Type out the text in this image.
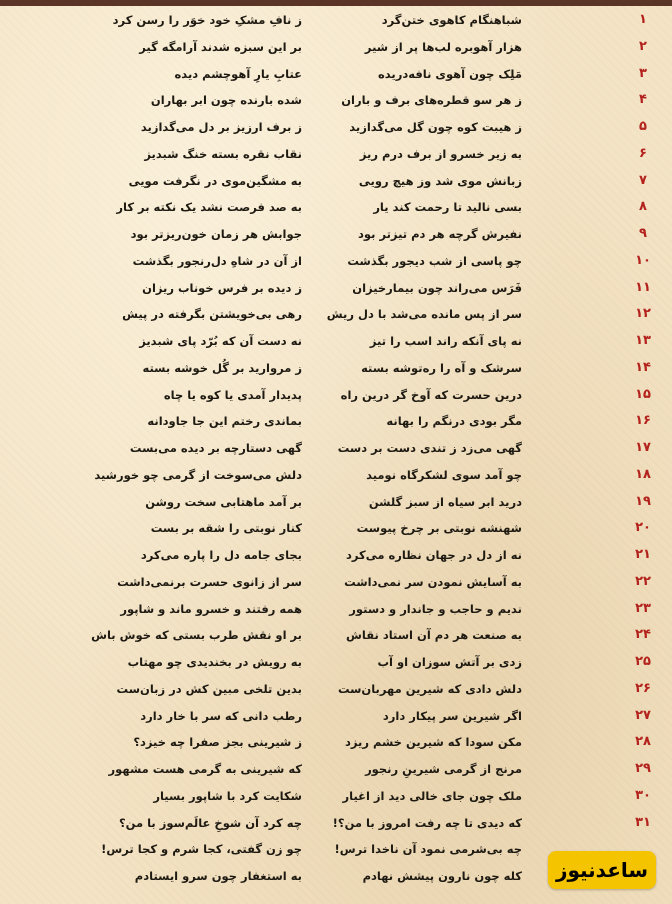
۱
شباهنگام کاهوی ختن‌گرد
ز نافِ مشکِ خود خوَر را رسن کرد
۲
هزار آهوبره لب‌ها پر از شیر
بر این سبزه شدند آرامگه گیر
۳
مَلِک چون آهوی نافه‌دریده
عتابِ یارِ آهوچشم دیده
۴
ز هر سو قطره‌های برف و باران
شده بارنده چون ابر بهاران
۵
ز هیبت کوه چون گل می‌گدازید
ز برف ارزیز بر دل می‌گدازید
۶
به زیر خسرو از برف درم ریز
نقاب نقره بسته خنگ شبدیز
۷
زبانش موی شد وز هیچ رویی
به مشگین‌موی در نگرفت مویی
۸
بسی نالید تا رحمت کند یار
به صد فرصت نشد یک نکته بر کار
۹
نفیرش گرچه هر دم تیزتر بود
جوابش هر زمان خون‌ریزتر بود
۱۰
چو پاسی از شب دیجور بگذشت
از آن در شاهِ دل‌رنجور بگذشت
۱۱
فَرَس می‌راند چون بیمارخیزان
ز دیده بر فرس خوناب ریزان
۱۲
سر از پس مانده می‌شد با دل ریش
رهی بی‌خویشتن بگرفته در پیش
۱۳
نه پای آنکه راند اسب را تیز
نه دست آن که بُرّد پای شبدیز
۱۴
سرشک و آه را رەتوشه بسته
ز مروارید بر گُل خوشه بسته
۱۵
درین حسرت که آوخ گر درین راه
پدیدار آمدی یا کوه یا چاه
۱۶
مگر بودی درنگم را بهانه
بماندی رختم این جا جاودانه
۱۷
گهی می‌زد ز تندی دست بر دست
گهی دستارچه بر دیده می‌بست
۱۸
چو آمد سوی لشکرگاه نومید
دلش می‌سوخت از گرمی چو خورشید
۱۹
درید ابر سیاه از سبز گلشن
بر آمد ماهتابی سخت روشن
۲۰
شهنشه نوبتی بر چرخ پیوست
کنار نوبتی را شقه بر بست
۲۱
نه از دل در جهان نظاره می‌کرد
بجای جامه دل را پاره می‌کرد
۲۲
به آسایش نمودن سر نمی‌داشت
سر از زانوی حسرت برنمی‌داشت
۲۳
ندیم و حاجب و جاندار و دستور
همه رفتند و خسرو ماند و شاپور
۲۴
به صنعت هر دم آن استاد نقاش
بر او نقش طرب بستی که خوش باش
۲۵
زدی بر آتش سوزان او آب
به رویش در بخندیدی چو مهتاب
۲۶
دلش دادی که شیرین مهربان‌ست
بدین تلخی مبین کش در زبان‌ست
۲۷
اگر شیرین سر پیکار دارد
رطب دانی که سر با خار دارد
۲۸
مکن سودا که شیرین خشم ریزد
ز شیرینی بجز صفرا چه خیزد؟
۲۹
مرنج از گرمی شیرینِ رنجور
که شیرینی به گرمی هست مشهور
۳۰
ملک چون جای خالی دید از اغیار
شکایت کرد با شاپور بسیار
۳۱
که دیدی تا چه رفت امروز با من؟!
چه کرد آن شوخِ عالَم‌سوز با من؟
چه بی‌شرمی نمود آن ناخدا ترس!
چو زن گفتی، کجا شرم و کجا ترس!
کله چون نارون پیشش نهادم
به استغفار چون سرو ایستادم	ساعدنیوز
